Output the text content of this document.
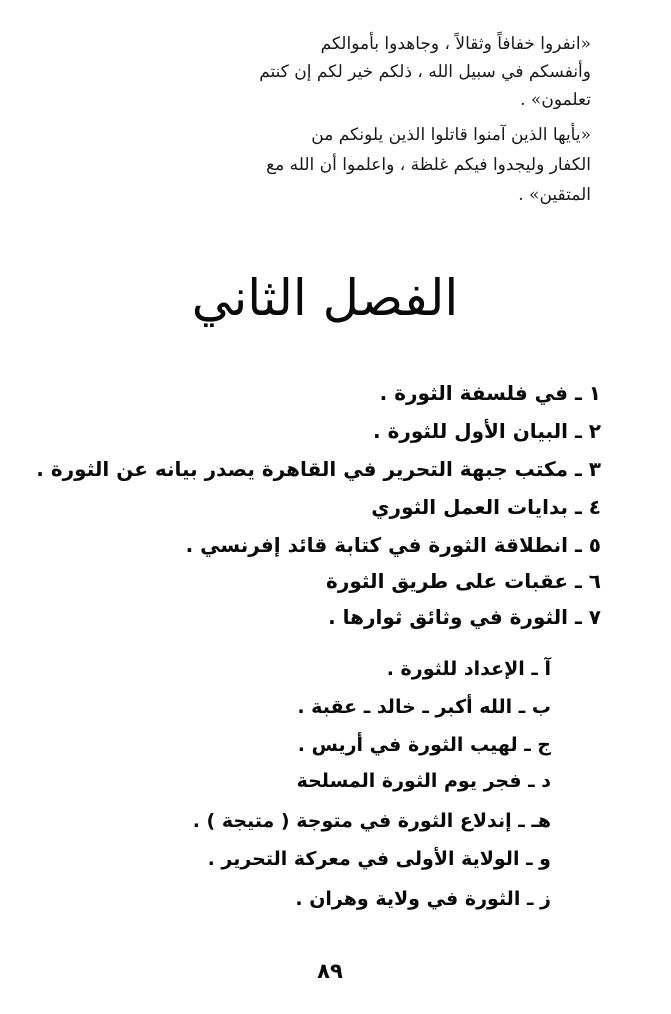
«انفروا خفافاً وثقالاً ، وجاهدوا بأموالكم
وأنفسكم في سبيل الله ، ذلكم خير لكم إن كنتم
تعلمون» .
«يأيها الذين آمنوا قاتلوا الذين يلونكم من
الكفار وليجدوا فيكم غلظة ، واعلموا أن الله مع
المتقين» .
الفصل الثاني
١ ـ في فلسفة الثورة .
٢ ـ البيان الأول للثورة .
٣ ـ مكتب جبهة التحرير في القاهرة يصدر بيانه عن الثورة .
٤ ـ بدايات العمل الثوري
٥ ـ انطلاقة الثورة في كتابة قائد إفرنسي .
٦ ـ عقبات على طريق الثورة
٧ ـ الثورة في وثائق ثوارها .
آ ـ الإعداد للثورة .
ب ـ الله أكبر ـ خالد ـ عقبة .
ج ـ لهيب الثورة في أريس .
د ـ فجر يوم الثورة المسلحة
هـ ـ إندلاع الثورة في متوجة ( متيجة ) .
و ـ الولاية الأولى في معركة التحرير .
ز ـ الثورة في ولاية وهران .
٨٩
